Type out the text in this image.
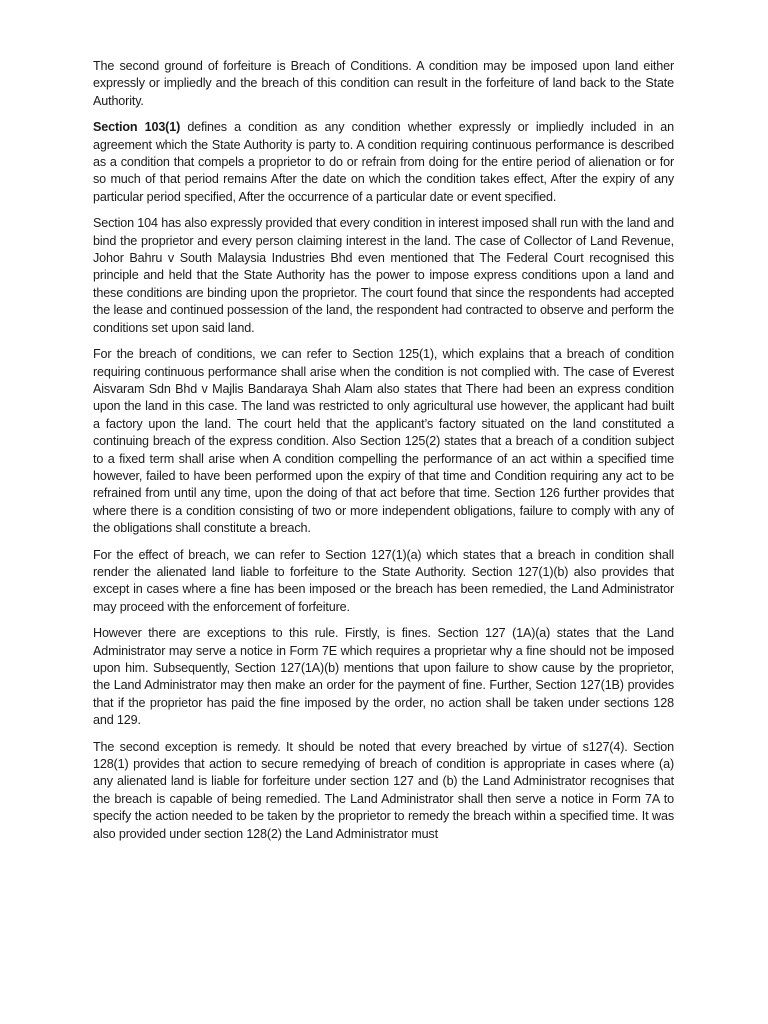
The second ground of forfeiture is Breach of Conditions. A condition may be imposed upon land either expressly or impliedly and the breach of this condition can result in the forfeiture of land back to the State Authority.

Section 103(1) defines a condition as any condition whether expressly or impliedly included in an agreement which the State Authority is party to. A condition requiring continuous performance is described as a condition that compels a proprietor to do or refrain from doing for the entire period of alienation or for so much of that period remains After the date on which the condition takes effect, After the expiry of any particular period specified, After the occurrence of a particular date or event specified.

Section 104 has also expressly provided that every condition in interest imposed shall run with the land and bind the proprietor and every person claiming interest in the land. The case of Collector of Land Revenue, Johor Bahru v South Malaysia Industries Bhd even mentioned that The Federal Court recognised this principle and held that the State Authority has the power to impose express conditions upon a land and these conditions are binding upon the proprietor. The court found that since the respondents had accepted the lease and continued possession of the land, the respondent had contracted to observe and perform the conditions set upon said land.

For the breach of conditions, we can refer to Section 125(1), which explains that a breach of condition requiring continuous performance shall arise when the condition is not complied with. The case of Everest Aisvaram Sdn Bhd v Majlis Bandaraya Shah Alam also states that There had been an express condition upon the land in this case. The land was restricted to only agricultural use however, the applicant had built a factory upon the land. The court held that the applicant’s factory situated on the land constituted a continuing breach of the express condition. Also Section 125(2) states that a breach of a condition subject to a fixed term shall arise when A condition compelling the performance of an act within a specified time however, failed to have been performed upon the expiry of that time and Condition requiring any act to be refrained from until any time, upon the doing of that act before that time. Section 126 further provides that where there is a condition consisting of two or more independent obligations, failure to comply with any of the obligations shall constitute a breach.

For the effect of breach, we can refer to Section 127(1)(a) which states that a breach in condition shall render the alienated land liable to forfeiture to the State Authority. Section 127(1)(b) also provides that except in cases where a fine has been imposed or the breach has been remedied, the Land Administrator may proceed with the enforcement of forfeiture.

However there are exceptions to this rule. Firstly, is fines. Section 127 (1A)(a) states that the Land Administrator may serve a notice in Form 7E which requires a proprietar why a fine should not be imposed upon him. Subsequently, Section 127(1A)(b) mentions that upon failure to show cause by the proprietor, the Land Administrator may then make an order for the payment of fine. Further, Section 127(1B) provides that if the proprietor has paid the fine imposed by the order, no action shall be taken under sections 128 and 129.

The second exception is remedy. It should be noted that every breached by virtue of s127(4). Section 128(1) provides that action to secure remedying of breach of condition is appropriate in cases where (a) any alienated land is liable for forfeiture under section 127 and (b) the Land Administrator recognises that the breach is capable of being remedied. The Land Administrator shall then serve a notice in Form 7A to specify the action needed to be taken by the proprietor to remedy the breach within a specified time. It was also provided under section 128(2) the Land Administrator must
